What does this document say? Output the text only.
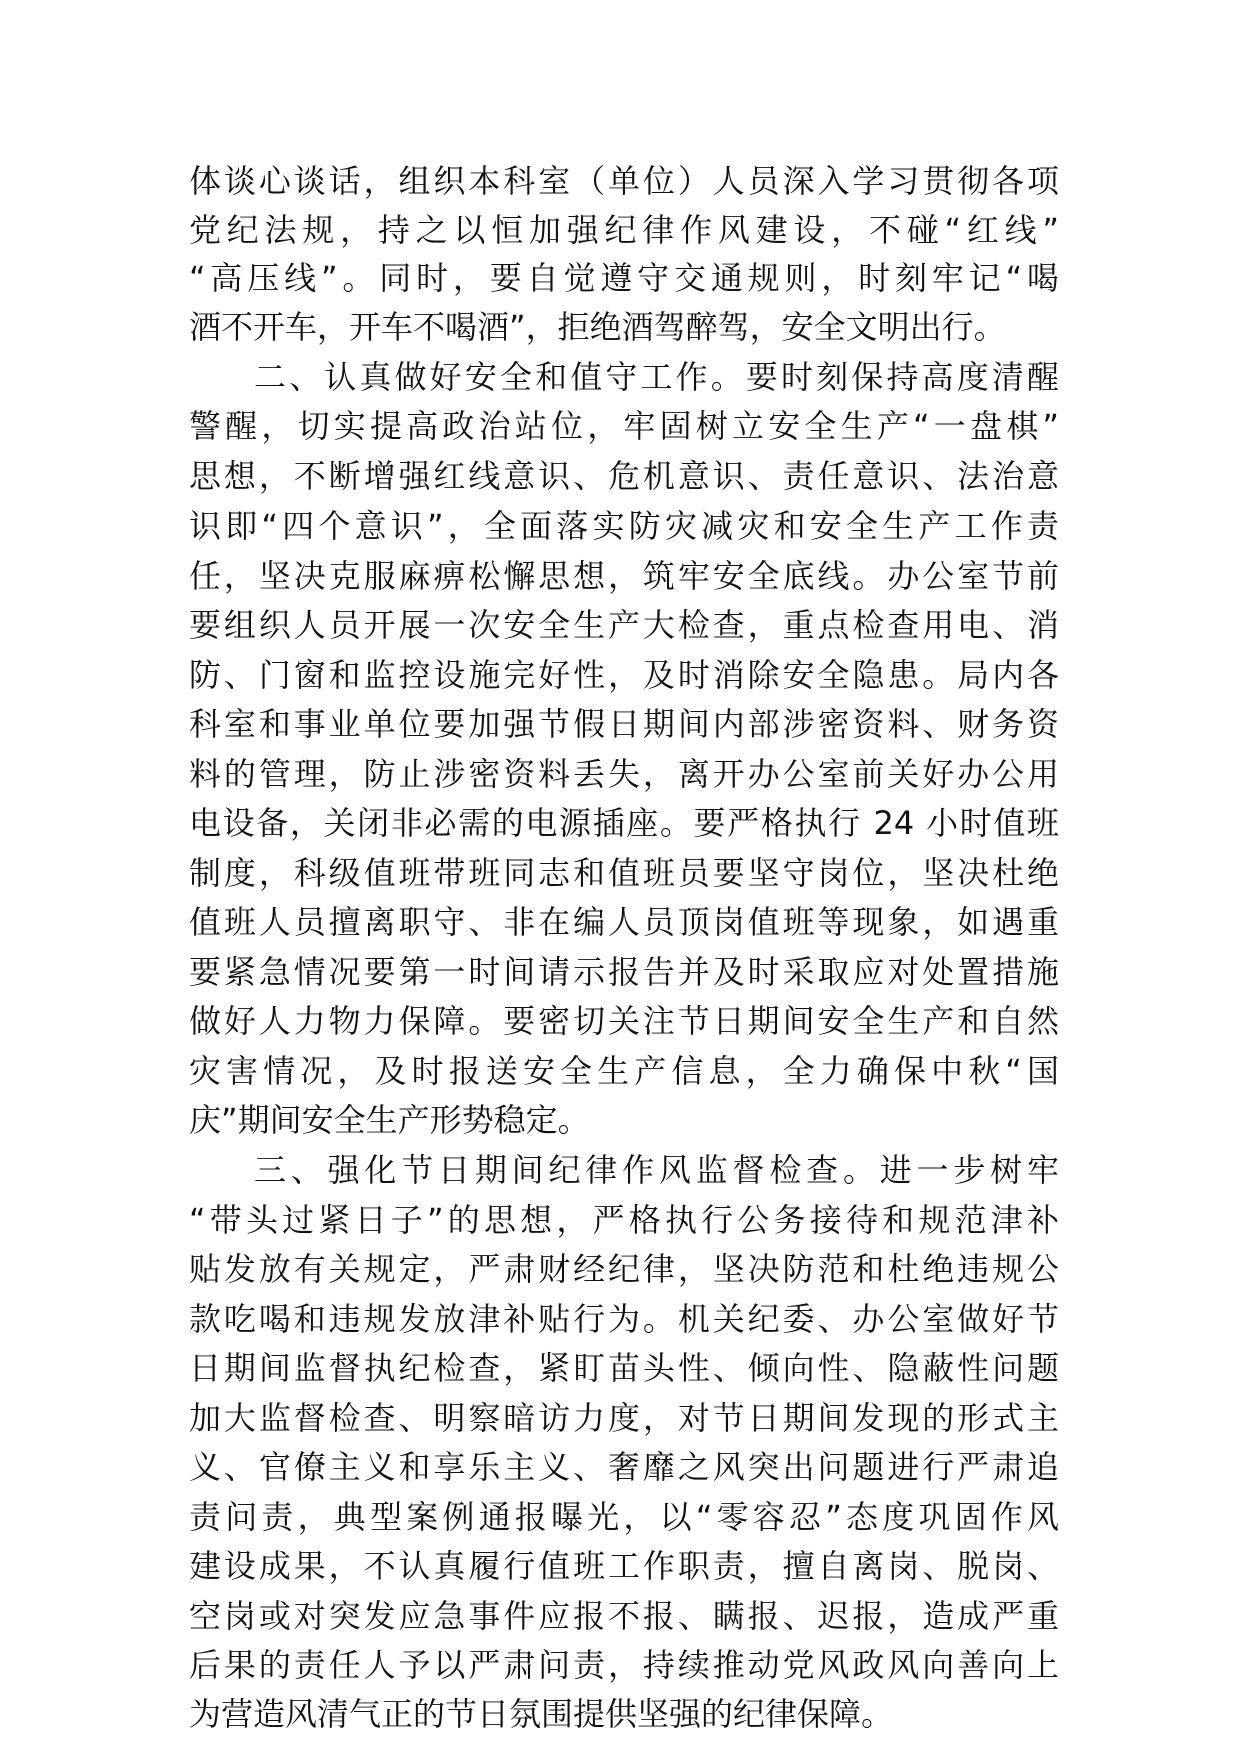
体谈心谈话，组织本科室（单位）人员深入学习贯彻各项
党纪法规，持之以恒加强纪律作风建设，不碰“红线”
“高压线”。同时，要自觉遵守交通规则，时刻牢记“喝
酒不开车，开车不喝酒”，拒绝酒驾醉驾，安全文明出行。
二、认真做好安全和值守工作。要时刻保持高度清醒
警醒，切实提高政治站位，牢固树立安全生产“一盘棋”
思想，不断增强红线意识、危机意识、责任意识、法治意
识即“四个意识”，全面落实防灾减灾和安全生产工作责
任，坚决克服麻痹松懈思想，筑牢安全底线。办公室节前
要组织人员开展一次安全生产大检查，重点检查用电、消
防、门窗和监控设施完好性，及时消除安全隐患。局内各
科室和事业单位要加强节假日期间内部涉密资料、财务资
料的管理，防止涉密资料丢失，离开办公室前关好办公用
电设备，关闭非必需的电源插座。要严格执行 24 小时值班
制度，科级值班带班同志和值班员要坚守岗位，坚决杜绝
值班人员擅离职守、非在编人员顶岗值班等现象，如遇重
要紧急情况要第一时间请示报告并及时采取应对处置措施
做好人力物力保障。要密切关注节日期间安全生产和自然
灾害情况，及时报送安全生产信息，全力确保中秋“国
庆”期间安全生产形势稳定。
三、强化节日期间纪律作风监督检查。进一步树牢
“带头过紧日子”的思想，严格执行公务接待和规范津补
贴发放有关规定，严肃财经纪律，坚决防范和杜绝违规公
款吃喝和违规发放津补贴行为。机关纪委、办公室做好节
日期间监督执纪检查，紧盯苗头性、倾向性、隐蔽性问题
加大监督检查、明察暗访力度，对节日期间发现的形式主
义、官僚主义和享乐主义、奢靡之风突出问题进行严肃追
责问责，典型案例通报曝光，以“零容忍”态度巩固作风
建设成果，不认真履行值班工作职责，擅自离岗、脱岗、
空岗或对突发应急事件应报不报、瞒报、迟报，造成严重
后果的责任人予以严肃问责，持续推动党风政风向善向上
为营造风清气正的节日氛围提供坚强的纪律保障。
